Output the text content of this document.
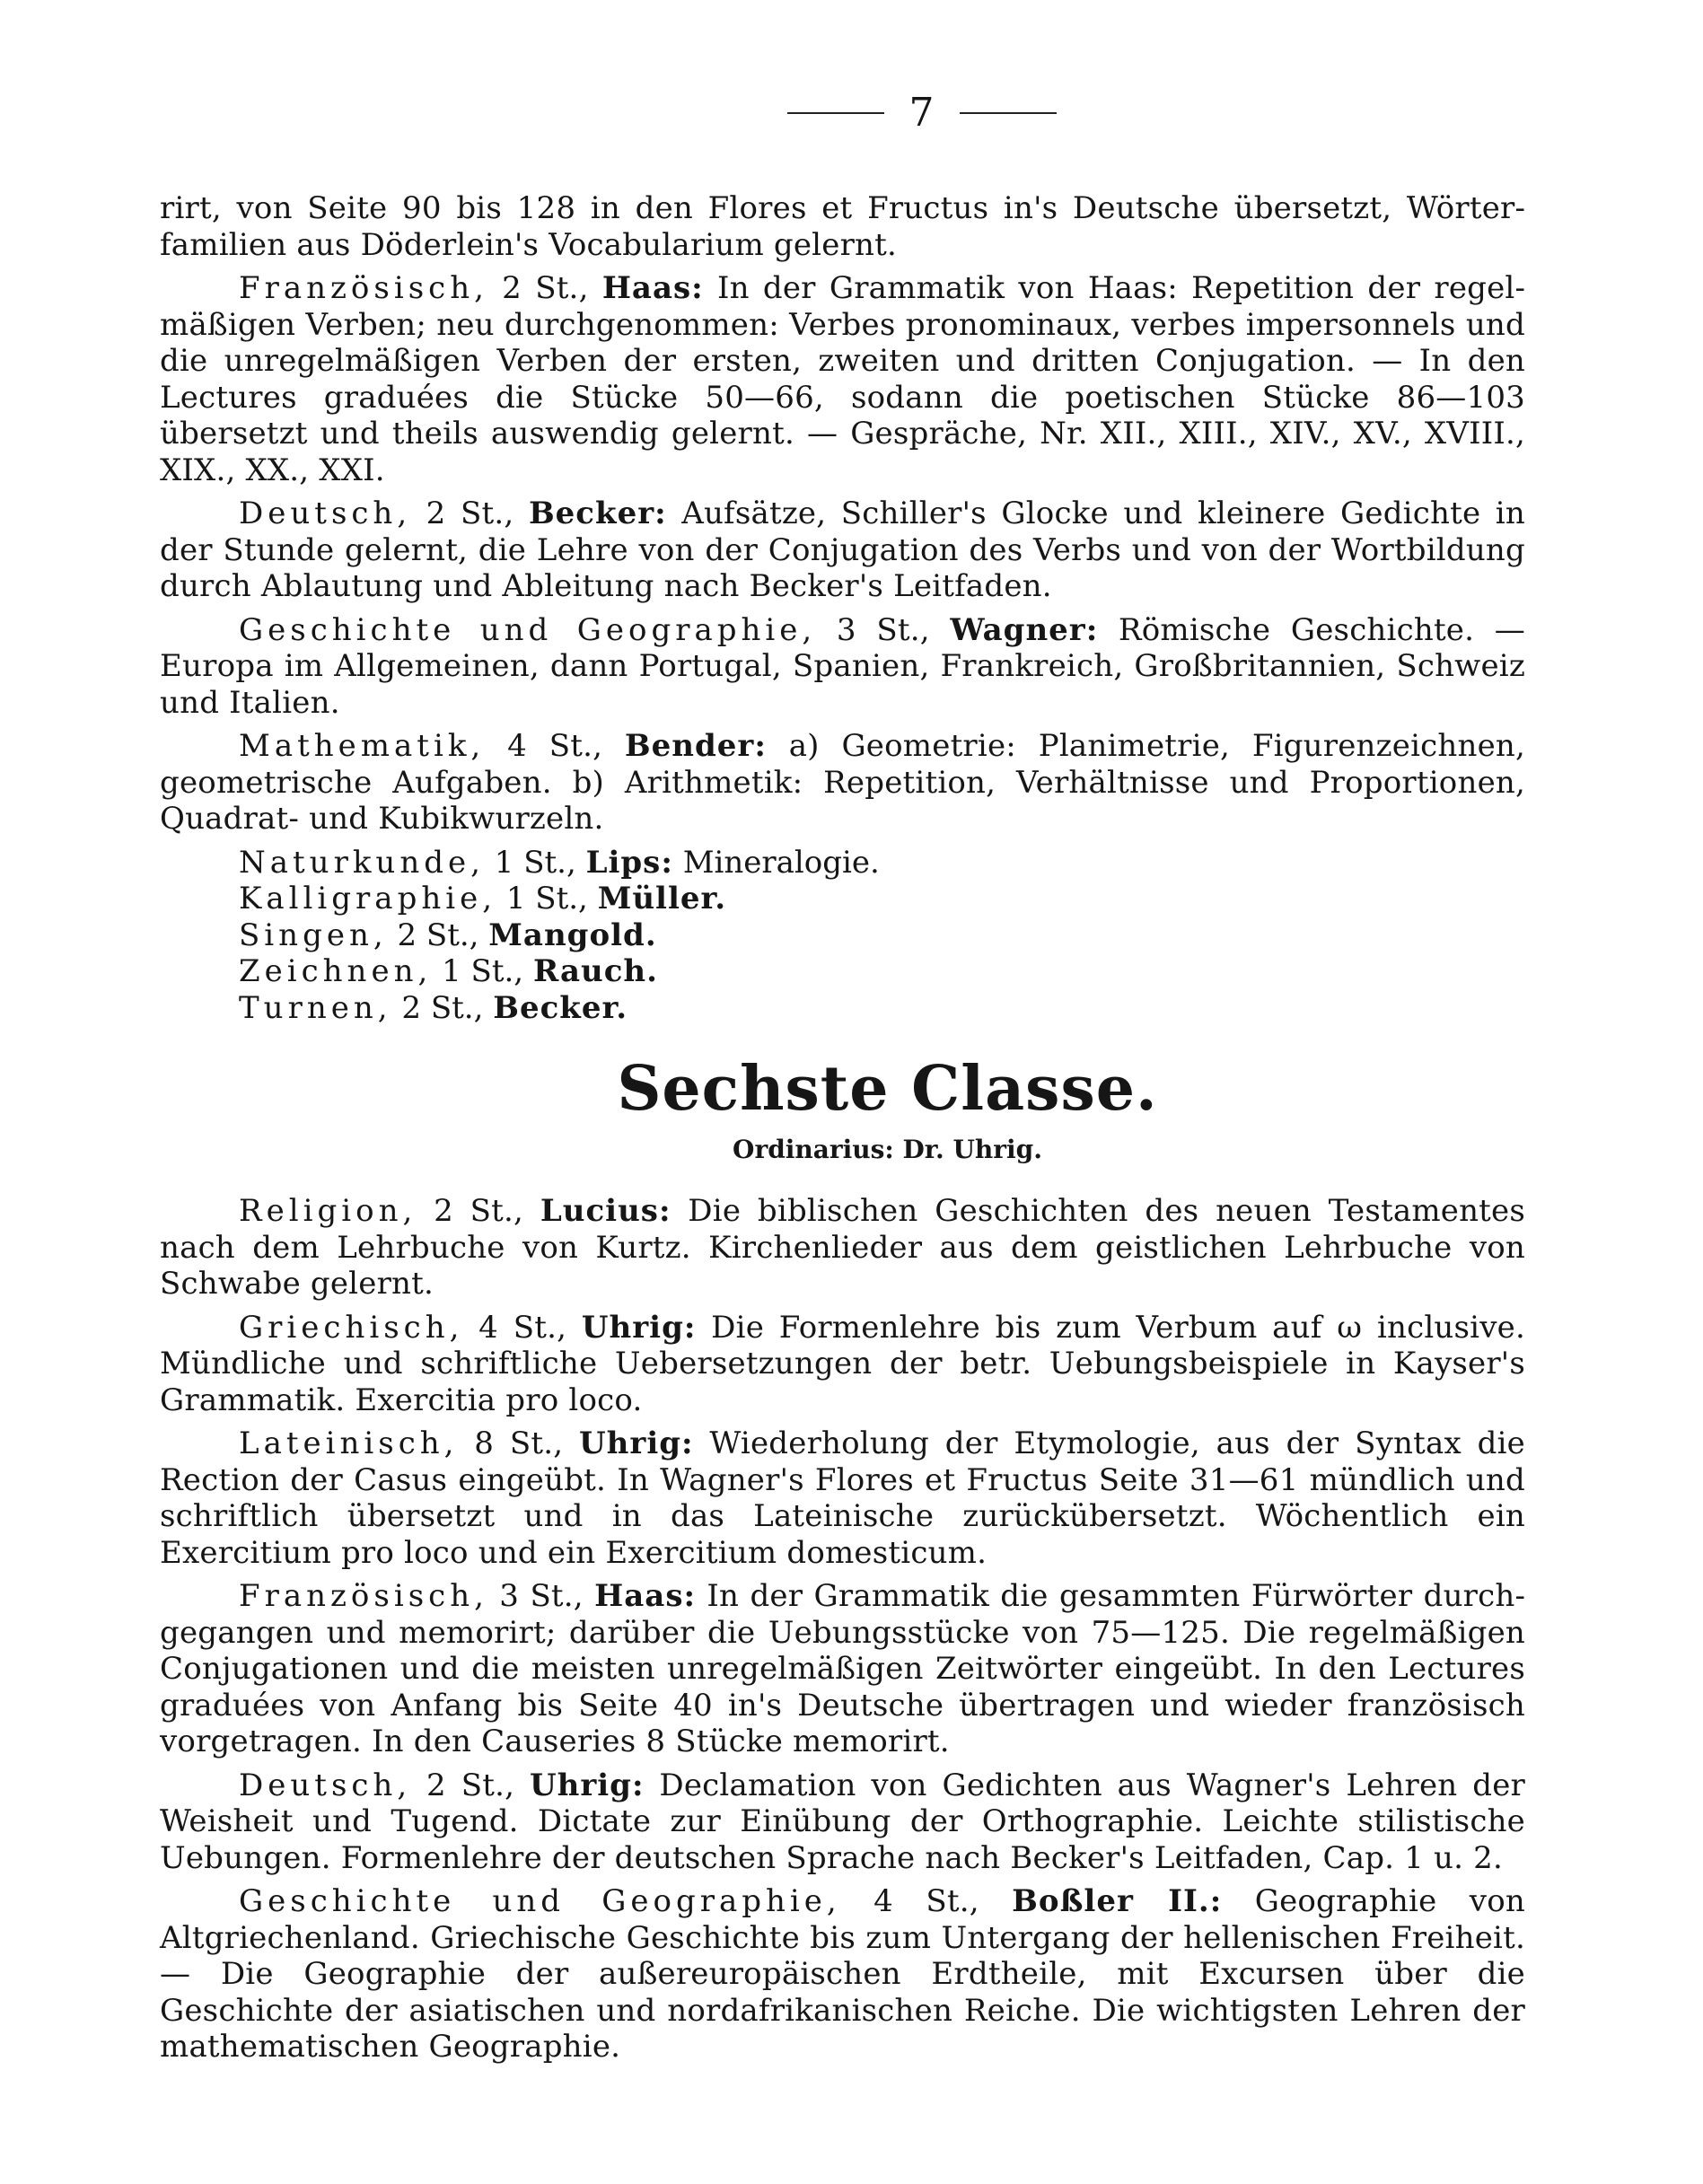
7

rirt, von Seite 90 bis 128 in den Flores et Fructus in's Deutsche übersetzt, Wörterfamilien aus Döderlein's Vocabularium gelernt.

Französisch, 2 St., Haas: In der Grammatik von Haas: Repetition der regelmäßigen Verben; neu durchgenommen: Verbes pronominaux, verbes impersonnels und die unregelmäßigen Verben der ersten, zweiten und dritten Conjugation. — In den Lectures graduées die Stücke 50—66, sodann die poetischen Stücke 86—103 übersetzt und theils auswendig gelernt. — Gespräche, Nr. XII., XIII., XIV., XV., XVIII., XIX., XX., XXI.

Deutsch, 2 St., Becker: Aufsätze, Schiller's Glocke und kleinere Gedichte in der Stunde gelernt, die Lehre von der Conjugation des Verbs und von der Wortbildung durch Ablautung und Ableitung nach Becker's Leitfaden.

Geschichte und Geographie, 3 St., Wagner: Römische Geschichte. — Europa im Allgemeinen, dann Portugal, Spanien, Frankreich, Großbritannien, Schweiz und Italien.

Mathematik, 4 St., Bender: a) Geometrie: Planimetrie, Figurenzeichnen, geometrische Aufgaben. b) Arithmetik: Repetition, Verhältnisse und Proportionen, Quadrat- und Kubikwurzeln.

Naturkunde, 1 St., Lips: Mineralogie.
Kalligraphie, 1 St., Müller.
Singen, 2 St., Mangold.
Zeichnen, 1 St., Rauch.
Turnen, 2 St., Becker.
Sechste Classe.
Ordinarius: Dr. Uhrig.

Religion, 2 St., Lucius: Die biblischen Geschichten des neuen Testamentes nach dem Lehrbuche von Kurtz. Kirchenlieder aus dem geistlichen Lehrbuche von Schwabe gelernt.

Griechisch, 4 St., Uhrig: Die Formenlehre bis zum Verbum auf ω inclusive. Mündliche und schriftliche Uebersetzungen der betr. Uebungsbeispiele in Kayser's Grammatik. Exercitia pro loco.

Lateinisch, 8 St., Uhrig: Wiederholung der Etymologie, aus der Syntax die Rection der Casus eingeübt. In Wagner's Flores et Fructus Seite 31—61 mündlich und schriftlich übersetzt und in das Lateinische zurückübersetzt. Wöchentlich ein Exercitium pro loco und ein Exercitium domesticum.

Französisch, 3 St., Haas: In der Grammatik die gesammten Fürwörter durchgegangen und memorirt; darüber die Uebungsstücke von 75—125. Die regelmäßigen Conjugationen und die meisten unregelmäßigen Zeitwörter eingeübt. In den Lectures graduées von Anfang bis Seite 40 in's Deutsche übertragen und wieder französisch vorgetragen. In den Causeries 8 Stücke memorirt.

Deutsch, 2 St., Uhrig: Declamation von Gedichten aus Wagner's Lehren der Weisheit und Tugend. Dictate zur Einübung der Orthographie. Leichte stilistische Uebungen. Formenlehre der deutschen Sprache nach Becker's Leitfaden, Cap. 1 u. 2.

Geschichte und Geographie, 4 St., Boßler II.: Geographie von Altgriechenland. Griechische Geschichte bis zum Untergang der hellenischen Freiheit. — Die Geographie der außereuropäischen Erdtheile, mit Excursen über die Geschichte der asiatischen und nordafrikanischen Reiche. Die wichtigsten Lehren der mathematischen Geographie.
